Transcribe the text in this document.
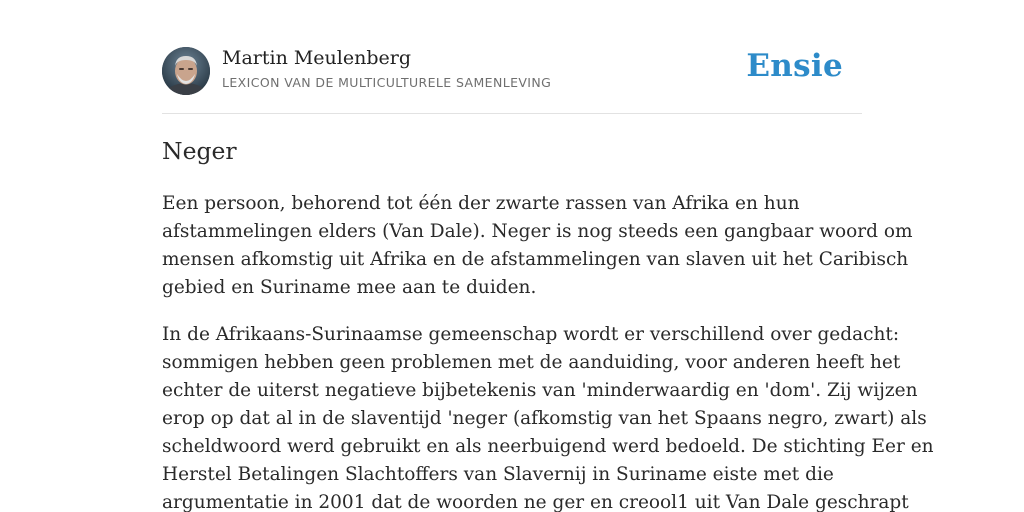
Martin Meulenberg
LEXICON VAN DE MULTICULTURELE SAMENLEVING	Ensie
Neger

Een persoon, behorend tot één der zwarte rassen van Afrika en hun
afstammelingen elders (Van Dale). Neger is nog steeds een gangbaar woord om
mensen afkomstig uit Afrika en de afstammelingen van slaven uit het Caribisch
gebied en Suriname mee aan te duiden.

In de Afrikaans-Surinaamse gemeenschap wordt er verschillend over gedacht:
sommigen hebben geen problemen met de aanduiding, voor anderen heeft het
echter de uiterst negatieve bijbetekenis van 'minderwaardig en 'dom'. Zij wijzen
erop op dat al in de slaventijd 'neger (afkomstig van het Spaans negro, zwart) als
scheldwoord werd gebruikt en als neerbuigend werd bedoeld. De stichting Eer en
Herstel Betalingen Slachtoffers van Slavernij in Suriname eiste met die
argumentatie in 2001 dat de woorden ne ger en creool1 uit Van Dale geschrapt
